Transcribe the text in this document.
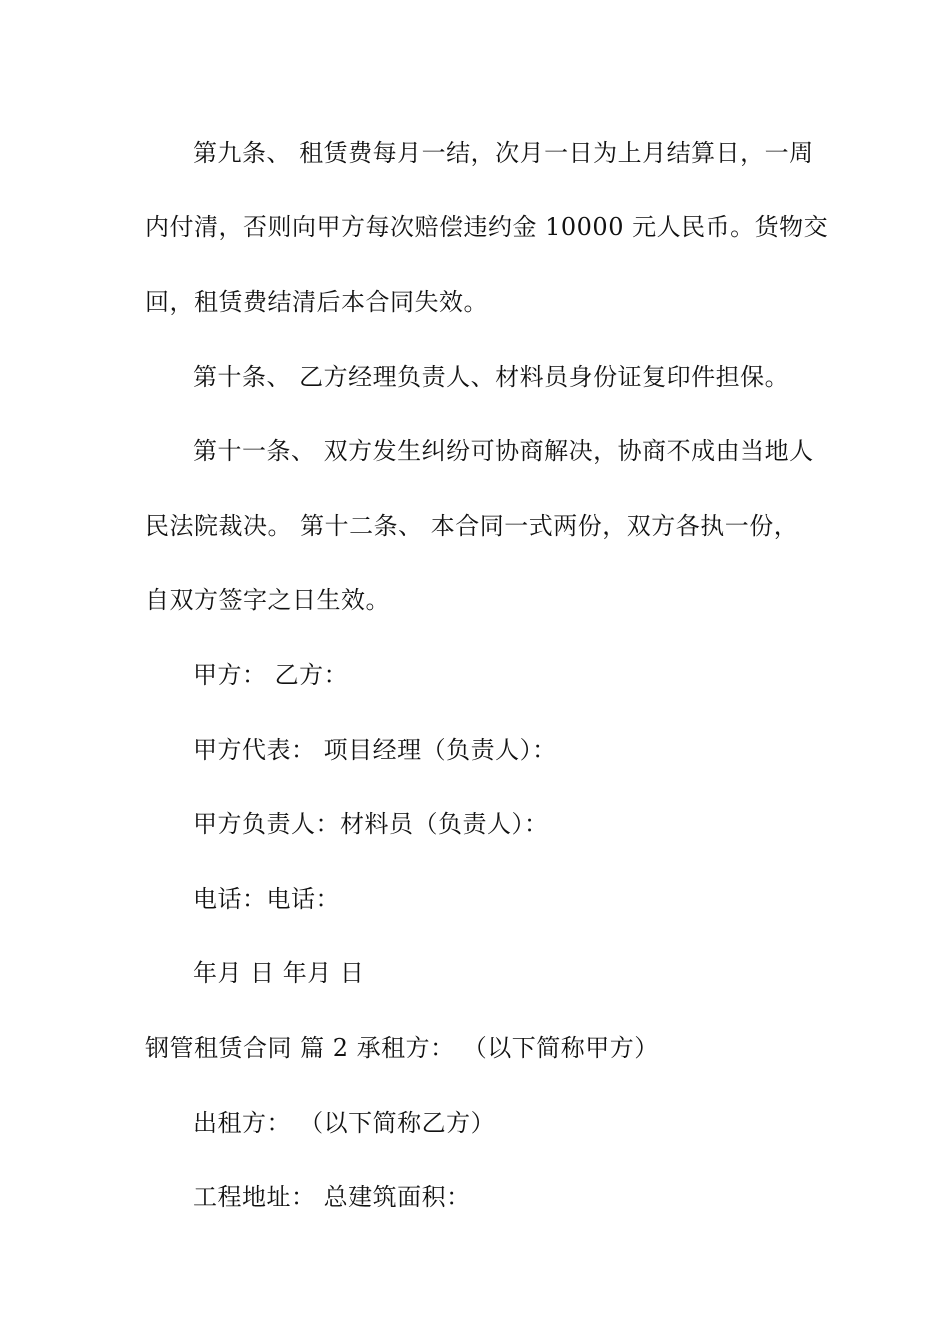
第九条、 租赁费每月一结，次月一日为上月结算日，一周
内付清，否则向甲方每次赔偿违约金 10000 元人民币。货物交
回，租赁费结清后本合同失效。
第十条、 乙方经理负责人、材料员身份证复印件担保。
第十一条、 双方发生纠纷可协商解决，协商不成由当地人
民法院裁决。 第十二条、 本合同一式两份，双方各执一份，
自双方签字之日生效。
甲方： 乙方：
甲方代表： 项目经理（负责人）：
甲方负责人：材料员（负责人）：
电话：电话：
年月 日 年月 日
钢管租赁合同 篇 2 承租方： （以下简称甲方）
出租方： （以下简称乙方）
工程地址： 总建筑面积：
